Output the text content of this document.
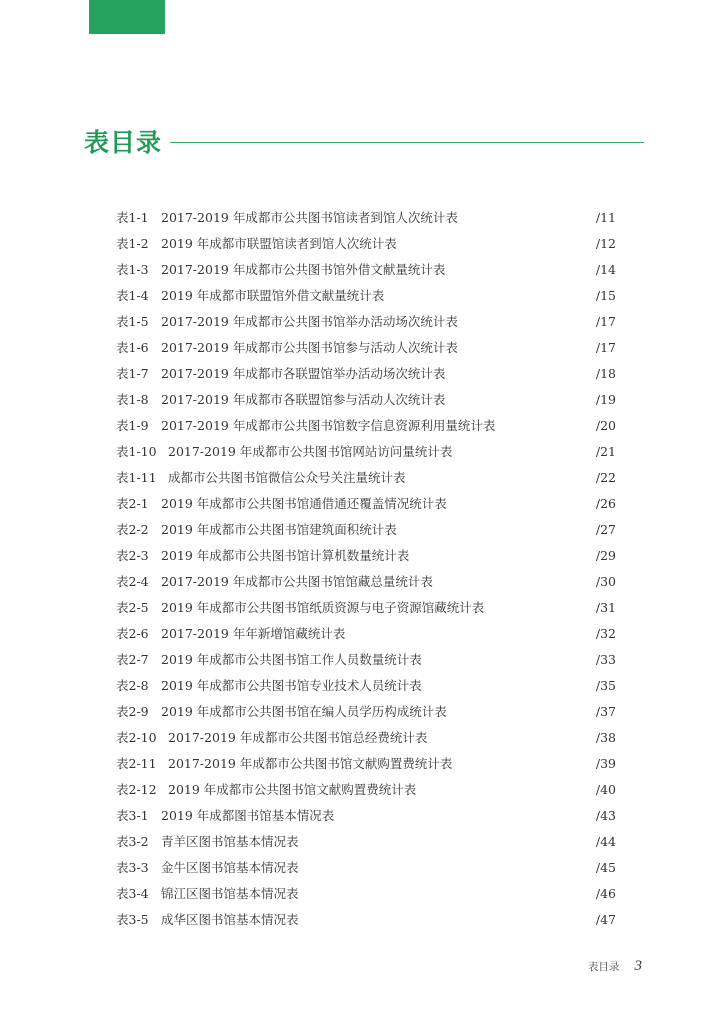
表目录
表1-1 2017-2019 年成都市公共图书馆读者到馆人次统计表	/11
表1-2 2019 年成都市联盟馆读者到馆人次统计表	/12
表1-3 2017-2019 年成都市公共图书馆外借文献量统计表	/14
表1-4 2019 年成都市联盟馆外借文献量统计表	/15
表1-5 2017-2019 年成都市公共图书馆举办活动场次统计表	/17
表1-6 2017-2019 年成都市公共图书馆参与活动人次统计表	/17
表1-7 2017-2019 年成都市各联盟馆举办活动场次统计表	/18
表1-8 2017-2019 年成都市各联盟馆参与活动人次统计表	/19
表1-9 2017-2019 年成都市公共图书馆数字信息资源利用量统计表	/20
表1-10 2017-2019 年成都市公共图书馆网站访问量统计表	/21
表1-11 成都市公共图书馆微信公众号关注量统计表	/22
表2-1 2019 年成都市公共图书馆通借通还覆盖情况统计表	/26
表2-2 2019 年成都市公共图书馆建筑面积统计表	/27
表2-3 2019 年成都市公共图书馆计算机数量统计表	/29
表2-4 2017-2019 年成都市公共图书馆馆藏总量统计表	/30
表2-5 2019 年成都市公共图书馆纸质资源与电子资源馆藏统计表	/31
表2-6 2017-2019 年年新增馆藏统计表	/32
表2-7 2019 年成都市公共图书馆工作人员数量统计表	/33
表2-8 2019 年成都市公共图书馆专业技术人员统计表	/35
表2-9 2019 年成都市公共图书馆在编人员学历构成统计表	/37
表2-10 2017-2019 年成都市公共图书馆总经费统计表	/38
表2-11 2017-2019 年成都市公共图书馆文献购置费统计表	/39
表2-12 2019 年成都市公共图书馆文献购置费统计表	/40
表3-1 2019 年成都图书馆基本情况表	/43
表3-2 青羊区图书馆基本情况表	/44
表3-3 金牛区图书馆基本情况表	/45
表3-4 锦江区图书馆基本情况表	/46
表3-5 成华区图书馆基本情况表	/47
表目录 3
